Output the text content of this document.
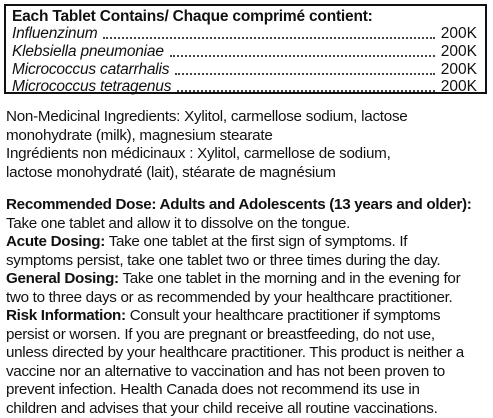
Each Tablet Contains/ Chaque comprimé contient:
Influenzinum	200K
Klebsiella pneumoniae	200K
Micrococcus catarrhalis	200K
Micrococcus tetragenus	200K
Non-Medicinal Ingredients: Xylitol, carmellose sodium, lactose
monohydrate (milk), magnesium stearate
Ingrédients non médicinaux : Xylitol, carmellose de sodium,
lactose monohydraté (lait), stéarate de magnésium
Recommended Dose: Adults and Adolescents (13 years and older):
Take one tablet and allow it to dissolve on the tongue.
Acute Dosing: Take one tablet at the first sign of symptoms. If
symptoms persist, take one tablet two or three times during the day.
General Dosing: Take one tablet in the morning and in the evening for
two to three days or as recommended by your healthcare practitioner.
Risk Information: Consult your healthcare practitioner if symptoms
persist or worsen. If you are pregnant or breastfeeding, do not use,
unless directed by your healthcare practitioner. This product is neither a
vaccine nor an alternative to vaccination and has not been proven to
prevent infection. Health Canada does not recommend its use in
children and advises that your child receive all routine vaccinations.
